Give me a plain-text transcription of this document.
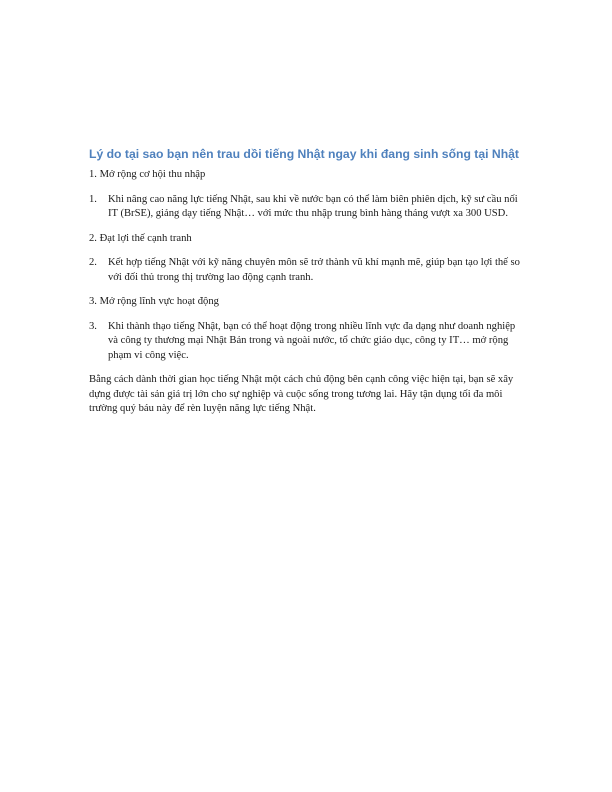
Lý do tại sao bạn nên trau dồi tiếng Nhật ngay khi đang sinh sống tại Nhật

1. Mở rộng cơ hội thu nhập

1. Khi nâng cao năng lực tiếng Nhật, sau khi về nước bạn có thể làm biên phiên dịch, kỹ sư cầu nối IT (BrSE), giảng dạy tiếng Nhật… với mức thu nhập trung bình hàng tháng vượt xa 300 USD.

2. Đạt lợi thế cạnh tranh

2. Kết hợp tiếng Nhật với kỹ năng chuyên môn sẽ trở thành vũ khí mạnh mẽ, giúp bạn tạo lợi thế so với đối thủ trong thị trường lao động cạnh tranh.

3. Mở rộng lĩnh vực hoạt động

3. Khi thành thạo tiếng Nhật, bạn có thể hoạt động trong nhiều lĩnh vực đa dạng như doanh nghiệp và công ty thương mại Nhật Bản trong và ngoài nước, tổ chức giáo dục, công ty IT… mở rộng phạm vi công việc.

Bằng cách dành thời gian học tiếng Nhật một cách chủ động bên cạnh công việc hiện tại, bạn sẽ xây dựng được tài sản giá trị lớn cho sự nghiệp và cuộc sống trong tương lai. Hãy tận dụng tối đa môi trường quý báu này để rèn luyện năng lực tiếng Nhật.
